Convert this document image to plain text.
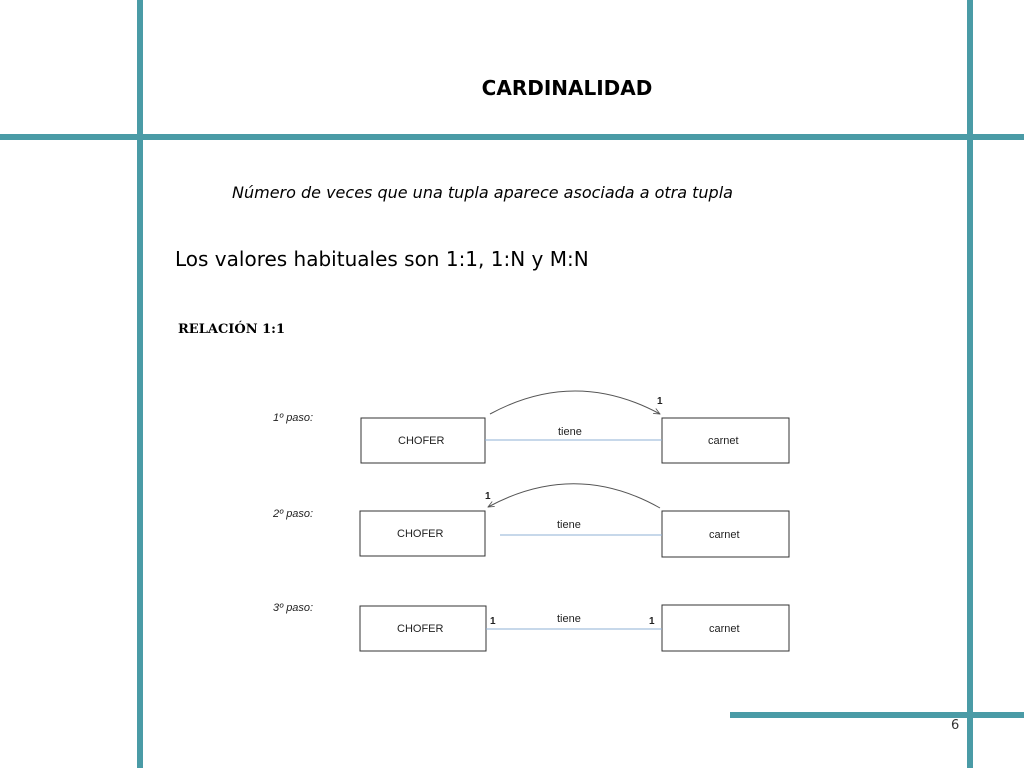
CARDINALIDAD
Número de veces que una tupla aparece asociada a otra tupla
Los valores habituales son 1:1, 1:N y M:N
RELACIÓN 1:1
6
1º paso:
CHOFER	carnet
tiene
1
2º paso:
CHOFER	carnet
tiene
1
3º paso:
CHOFER	carnet
tiene
1	1
